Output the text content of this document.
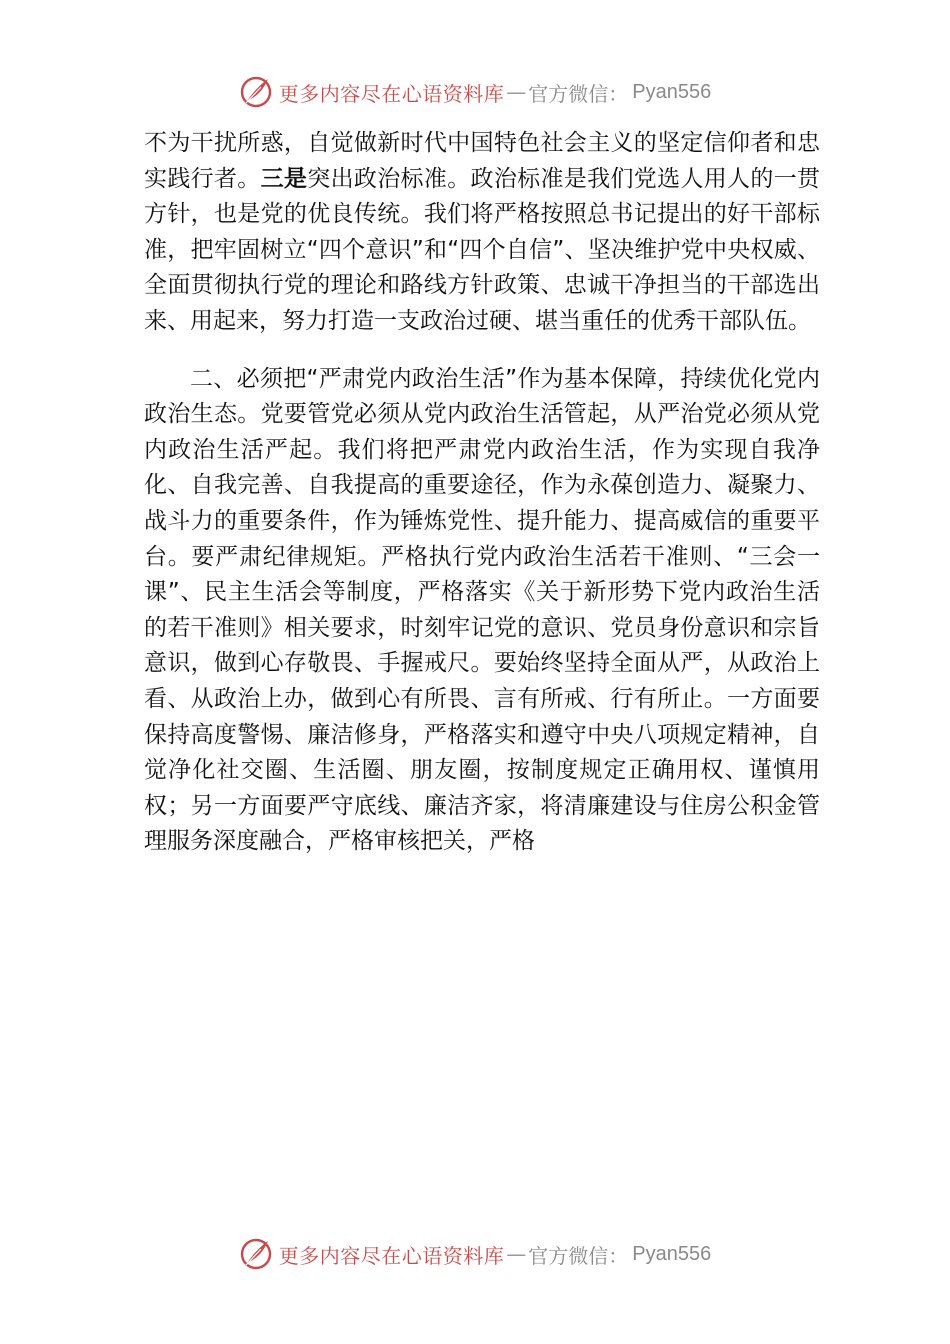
更多内容尽在心语资料库 — 官方微信： Pyan556

不为干扰所惑，自觉做新时代中国特色社会主义的坚定信仰者和忠实践行者。三是突出政治标准。政治标准是我们党选人用人的一贯方针，也是党的优良传统。我们将严格按照总书记提出的好干部标准，把牢固树立“四个意识”和“四个自信”、坚决维护党中央权威、全面贯彻执行党的理论和路线方针政策、忠诚干净担当的干部选出来、用起来，努力打造一支政治过硬、堪当重任的优秀干部队伍。

二、必须把“严肃党内政治生活”作为基本保障，持续优化党内政治生态。党要管党必须从党内政治生活管起，从严治党必须从党内政治生活严起。我们将把严肃党内政治生活，作为实现自我净化、自我完善、自我提高的重要途径，作为永葆创造力、凝聚力、战斗力的重要条件，作为锤炼党性、提升能力、提高威信的重要平台。要严肃纪律规矩。严格执行党内政治生活若干准则、“三会一课”、民主生活会等制度，严格落实《关于新形势下党内政治生活的若干准则》相关要求，时刻牢记党的意识、党员身份意识和宗旨意识，做到心存敬畏、手握戒尺。要始终坚持全面从严，从政治上看、从政治上办，做到心有所畏、言有所戒、行有所止。一方面要保持高度警惕、廉洁修身，严格落实和遵守中央八项规定精神，自觉净化社交圈、生活圈、朋友圈，按制度规定正确用权、谨慎用权；另一方面要严守底线、廉洁齐家，将清廉建设与住房公积金管理服务深度融合，严格审核把关，严格

更多内容尽在心语资料库 — 官方微信： Pyan556
